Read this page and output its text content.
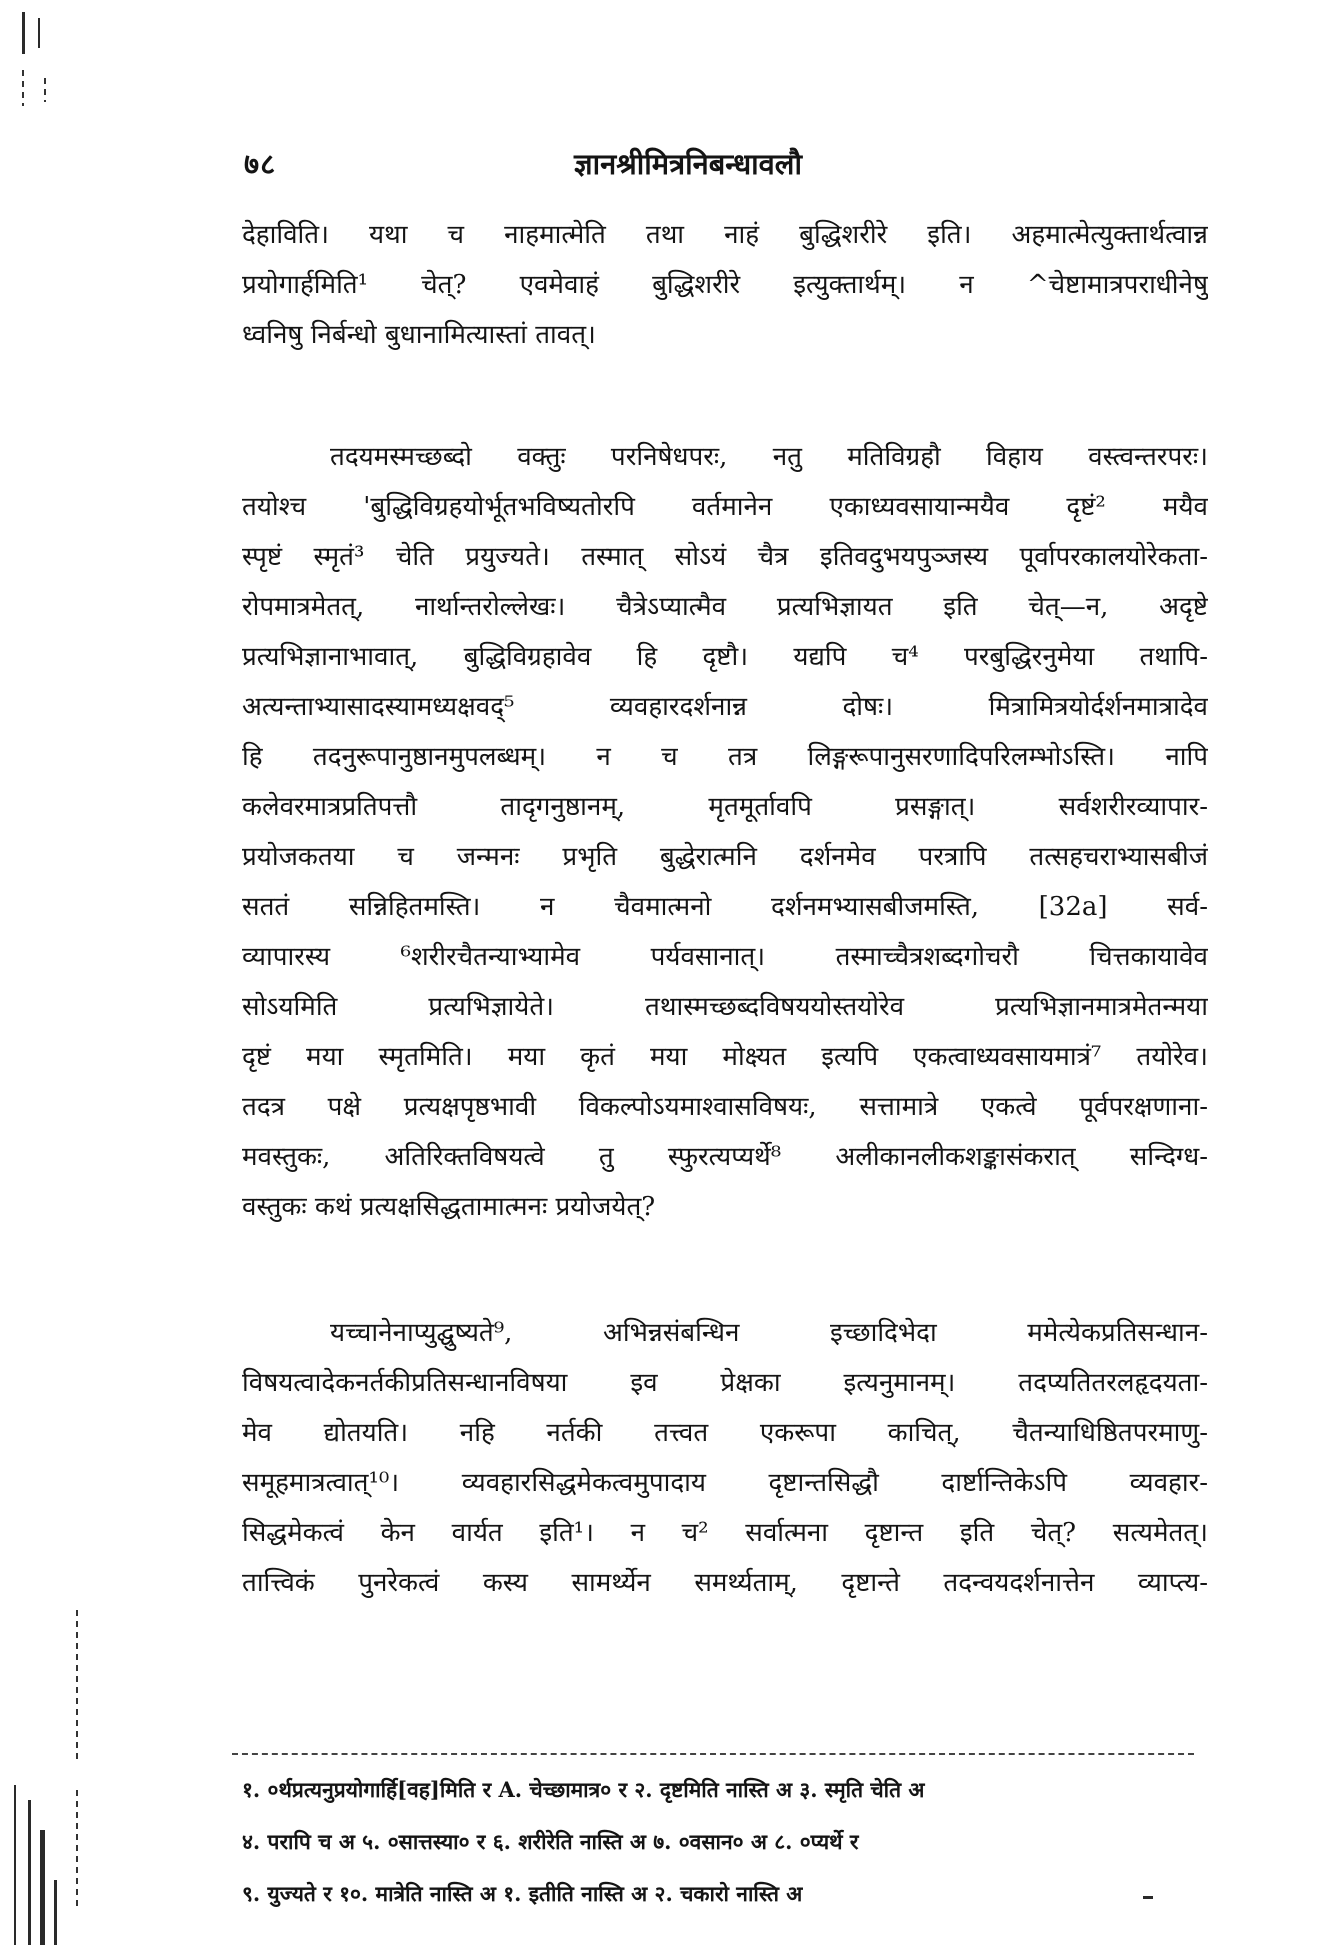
७८	ज्ञानश्रीमित्रनिबन्धावलौ
देहाविति। यथा च नाहमात्मेति तथा नाहं बुद्धिशरीरे इति। अहमात्मेत्युक्तार्थत्वान्न
प्रयोगार्हमिति¹ चेत्? एवमेवाहं बुद्धिशरीरे इत्युक्तार्थम्। न ^चेष्टामात्रपराधीनेषु
ध्वनिषु निर्बन्धो बुधानामित्यास्तां तावत्।
तदयमस्मच्छब्दो वक्तुः परनिषेधपरः, नतु मतिविग्रहौ विहाय वस्त्वन्तरपरः।
तयोश्च 'बुद्धिविग्रहयोर्भूतभविष्यतोरपि वर्तमानेन एकाध्यवसायान्मयैव दृष्टं² मयैव
स्पृष्टं स्मृतं³ चेति प्रयुज्यते। तस्मात् सोऽयं चैत्र इतिवदुभयपुञ्जस्य पूर्वापरकालयोरेकता-
रोपमात्रमेतत्, नार्थान्तरोल्लेखः। चैत्रेऽप्यात्मैव प्रत्यभिज्ञायत इति चेत्—न, अदृष्टे
प्रत्यभिज्ञानाभावात्, बुद्धिविग्रहावेव हि दृष्टौ। यद्यपि च⁴ परबुद्धिरनुमेया तथापि-
अत्यन्ताभ्यासादस्यामध्यक्षवद्⁵ व्यवहारदर्शनान्न दोषः। मित्रामित्रयोर्दर्शनमात्रादेव
हि तदनुरूपानुष्ठानमुपलब्धम्। न च तत्र लिङ्गरूपानुसरणादिपरिलम्भोऽस्ति। नापि
कलेवरमात्रप्रतिपत्तौ तादृगनुष्ठानम्, मृतमूर्तावपि प्रसङ्गात्। सर्वशरीरव्यापार-
प्रयोजकतया च जन्मनः प्रभृति बुद्धेरात्मनि दर्शनमेव परत्रापि तत्सहचराभ्यासबीजं
सततं सन्निहितमस्ति। न चैवमात्मनो दर्शनमभ्यासबीजमस्ति, [32a] सर्व-
व्यापारस्य ⁶शरीरचैतन्याभ्यामेव पर्यवसानात्। तस्माच्चैत्रशब्दगोचरौ चित्तकायावेव
सोऽयमिति प्रत्यभिज्ञायेते। तथास्मच्छब्दविषययोस्तयोरेव प्रत्यभिज्ञानमात्रमेतन्मया
दृष्टं मया स्मृतमिति। मया कृतं मया मोक्ष्यत इत्यपि एकत्वाध्यवसायमात्रं⁷ तयोरेव।
तदत्र पक्षे प्रत्यक्षपृष्ठभावी विकल्पोऽयमाश्वासविषयः, सत्तामात्रे एकत्वे पूर्वपरक्षणाना-
मवस्तुकः, अतिरिक्तविषयत्वे तु स्फुरत्यप्यर्थे⁸ अलीकानलीकशङ्कासंकरात् सन्दिग्ध-
वस्तुकः कथं प्रत्यक्षसिद्धतामात्मनः प्रयोजयेत्?
यच्चानेनाप्युद्घुष्यते⁹, अभिन्नसंबन्धिन इच्छादिभेदा ममेत्येकप्रतिसन्धान-
विषयत्वादेकनर्तकीप्रतिसन्धानविषया इव प्रेक्षका इत्यनुमानम्। तदप्यतितरलहृदयता-
मेव द्योतयति। नहि नर्तकी तत्त्वत एकरूपा काचित्, चैतन्याधिष्ठितपरमाणु-
समूहमात्रत्वात्¹⁰। व्यवहारसिद्धमेकत्वमुपादाय दृष्टान्तसिद्धौ दार्ष्टान्तिकेऽपि व्यवहार-
सिद्धमेकत्वं केन वार्यत इति¹। न च² सर्वात्मना दृष्टान्त इति चेत्? सत्यमेतत्।
तात्त्विकं पुनरेकत्वं कस्य सामर्थ्येन समर्थ्यताम्, दृष्टान्ते तदन्वयदर्शनात्तेन व्याप्त्य-
१. ०र्थप्रत्यनुप्रयोगार्हि[वह]मिति र A. चेच्छामात्र० र २. दृष्टमिति नास्ति अ ३. स्मृति चेति अ
४. परापि च अ ५. ०सात्तस्या० र ६. शरीरेति नास्ति अ ७. ०वसान० अ ८. ०प्यर्थे र
९. युज्यते र १०. मात्रेति नास्ति अ १. इतीति नास्ति अ २. चकारो नास्ति अ
